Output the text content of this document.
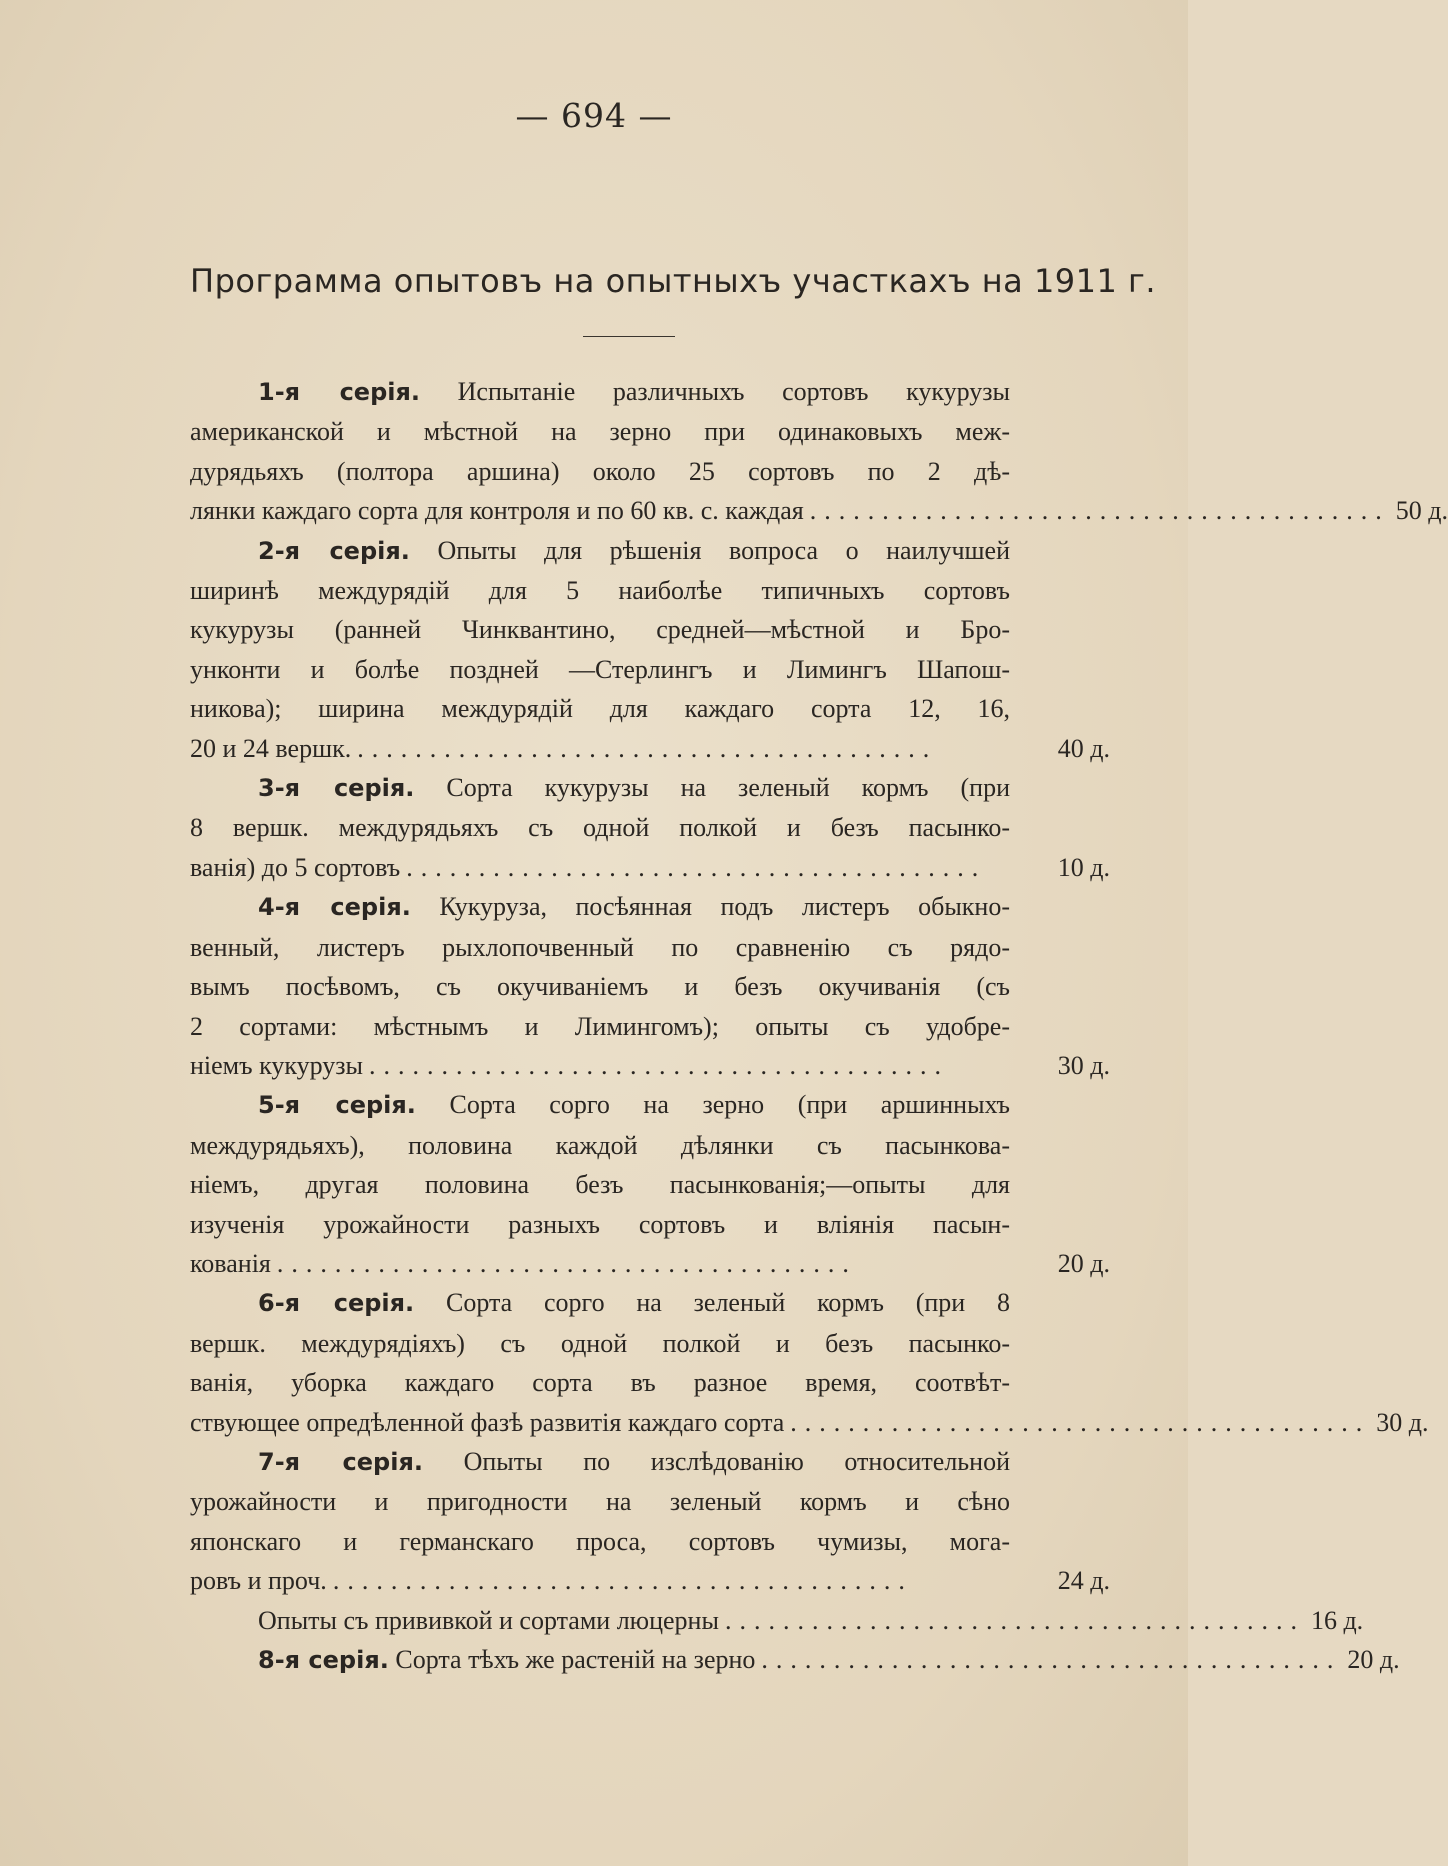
— 694 —
Программа опытовъ на опытныхъ участкахъ на 1911 г.
1-я серія. Испытаніе различныхъ сортовъ кукурузы
американской и мѣстной на зерно при одинаковыхъ меж-
дурядьяхъ (полтора аршина) около 25 сортовъ по 2 дѣ-
лянки каждаго сорта для контроля и по 60 кв. с. каждая ........................................ 50 д.
2-я серія. Опыты для рѣшенія вопроса о наилучшей
ширинѣ междурядій для 5 наиболѣе типичныхъ сортовъ
кукурузы (ранней Чинквантино, средней—мѣстной и Бро-
унконти и болѣе поздней —Стерлингъ и Лимингъ Шапош-
никова); ширина междурядій для каждаго сорта 12, 16,
20 и 24 вершк. ........................................	40 д.
3-я серія. Сорта кукурузы на зеленый кормъ (при
8 вершк. междурядьяхъ съ одной полкой и безъ пасынко-
ванія) до 5 сортовъ ........................................	10 д.
4-я серія. Кукуруза, посѣянная подъ листеръ обыкно-
венный, листеръ рыхлопочвенный по сравненію съ рядо-
вымъ посѣвомъ, съ окучиваніемъ и безъ окучиванія (съ
2 сортами: мѣстнымъ и Лимингомъ); опыты съ удобре-
ніемъ кукурузы ........................................	30 д.
5-я серія. Сорта сорго на зерно (при аршинныхъ
междурядьяхъ), половина каждой дѣлянки съ пасынкова-
ніемъ, другая половина безъ пасынкованія;—опыты для
изученія урожайности разныхъ сортовъ и вліянія пасын-
кованія ........................................	20 д.
6-я серія. Сорта сорго на зеленый кормъ (при 8
вершк. междурядіяхъ) съ одной полкой и безъ пасынко-
ванія, уборка каждаго сорта въ разное время, соотвѣт-
ствующее опредѣленной фазѣ развитія каждаго сорта ........................................ 30 д.
7-я серія. Опыты по изслѣдованію относительной
урожайности и пригодности на зеленый кормъ и сѣно
японскаго и германскаго проса, сортовъ чумизы, мога-
ровъ и проч. ........................................	24 д.
Опыты съ прививкой и сортами люцерны ........................................ 16 д.
8-я серія. Сорта тѣхъ же растеній на зерно ........................................ 20 д.
